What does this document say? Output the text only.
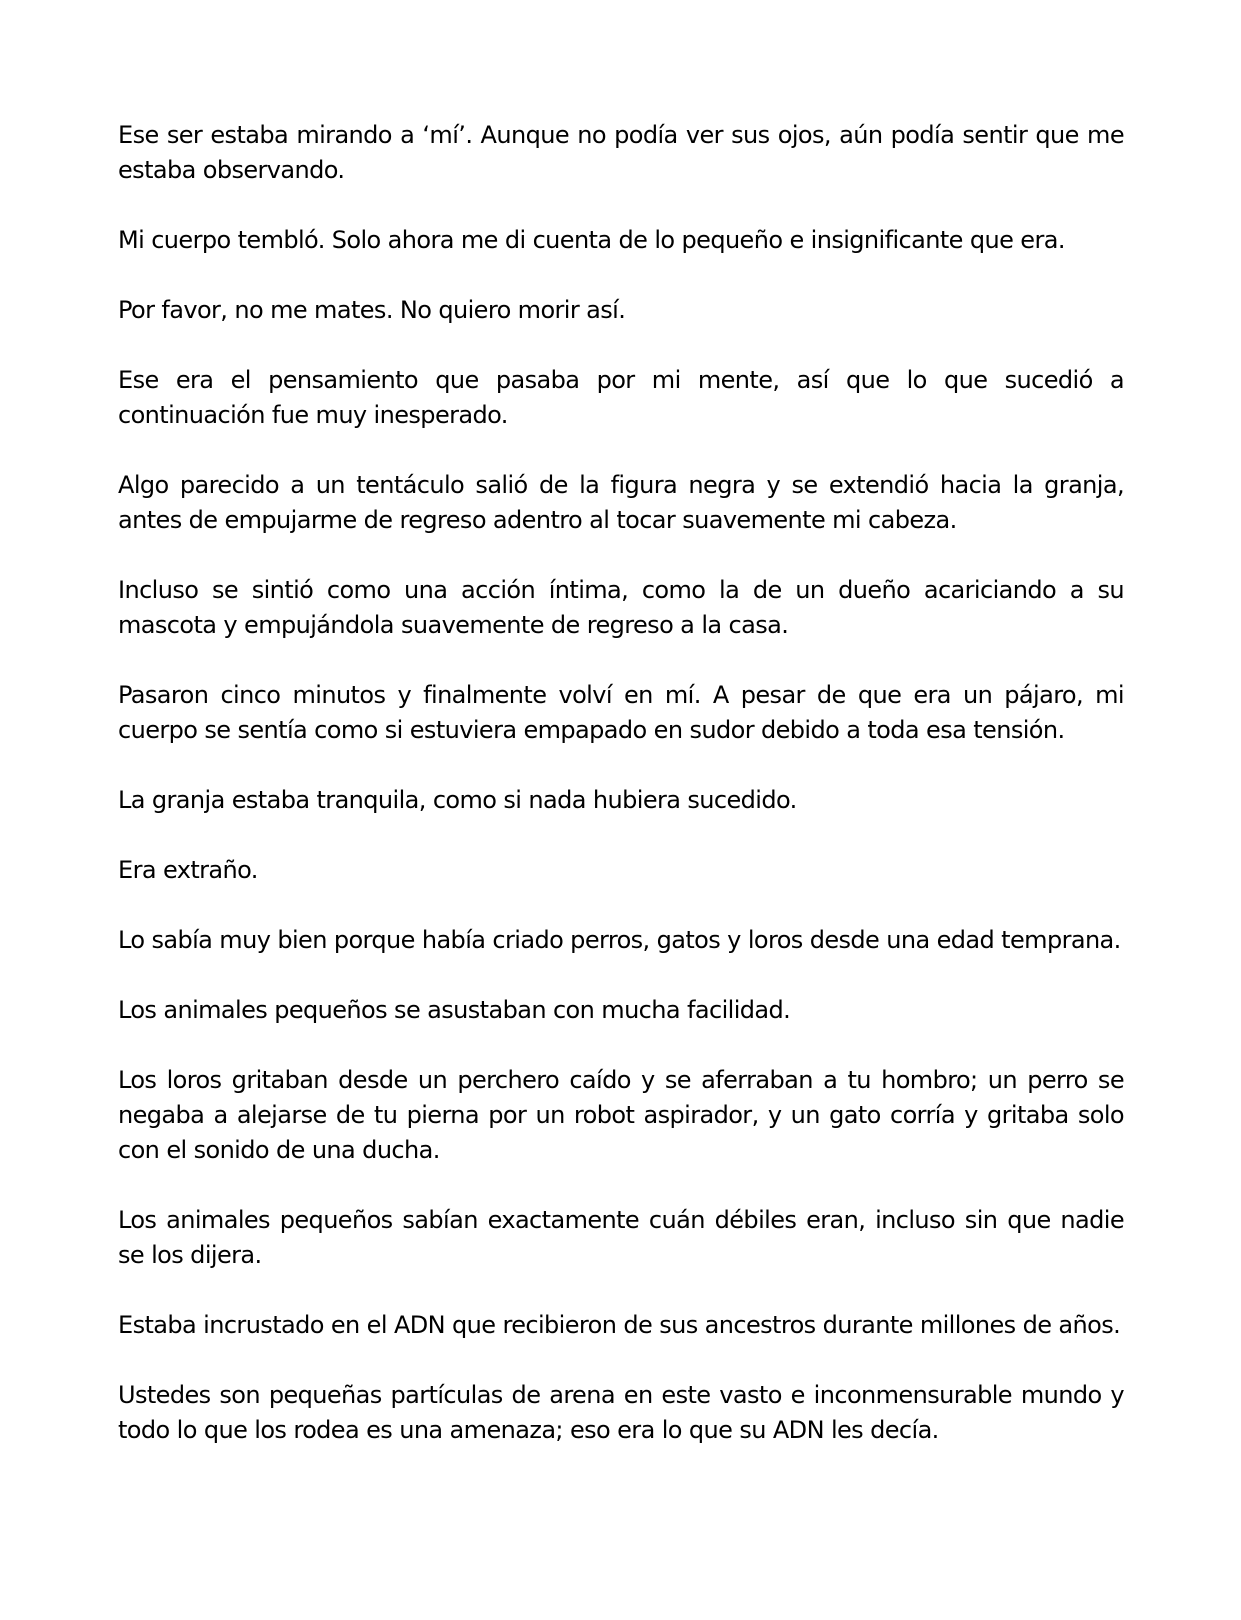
Ese ser estaba mirando a ‘mí’. Aunque no podía ver sus ojos, aún podía sentir que me estaba observando.

Mi cuerpo tembló. Solo ahora me di cuenta de lo pequeño e insignificante que era.

Por favor, no me mates. No quiero morir así.

Ese era el pensamiento que pasaba por mi mente, así que lo que sucedió a continuación fue muy inesperado.

Algo parecido a un tentáculo salió de la figura negra y se extendió hacia la granja, antes de empujarme de regreso adentro al tocar suavemente mi cabeza.

Incluso se sintió como una acción íntima, como la de un dueño acariciando a su mascota y empujándola suavemente de regreso a la casa.

Pasaron cinco minutos y finalmente volví en mí. A pesar de que era un pájaro, mi cuerpo se sentía como si estuviera empapado en sudor debido a toda esa tensión.

La granja estaba tranquila, como si nada hubiera sucedido.

Era extraño.

Lo sabía muy bien porque había criado perros, gatos y loros desde una edad temprana.

Los animales pequeños se asustaban con mucha facilidad.

Los loros gritaban desde un perchero caído y se aferraban a tu hombro; un perro se negaba a alejarse de tu pierna por un robot aspirador, y un gato corría y gritaba solo con el sonido de una ducha.

Los animales pequeños sabían exactamente cuán débiles eran, incluso sin que nadie se los dijera.

Estaba incrustado en el ADN que recibieron de sus ancestros durante millones de años.

Ustedes son pequeñas partículas de arena en este vasto e inconmensurable mundo y todo lo que los rodea es una amenaza; eso era lo que su ADN les decía.
